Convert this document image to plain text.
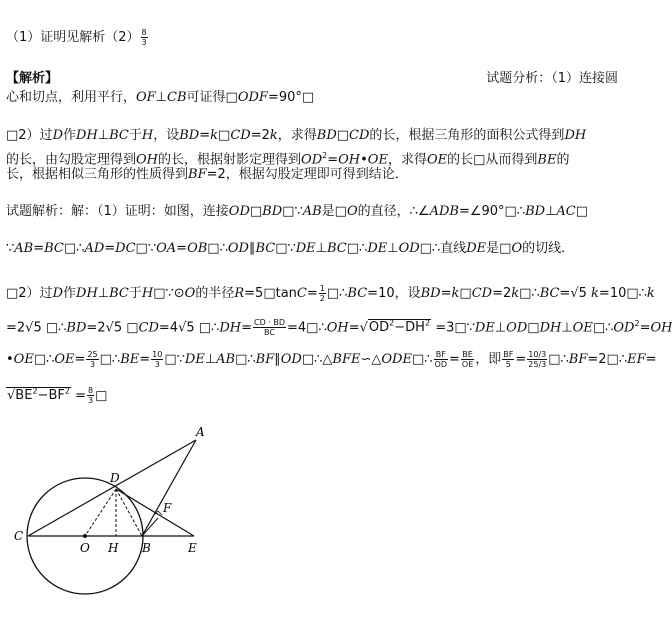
（1）证明见解析$(2) \frac{8}{3}$
【解析】	试题分析：（1）连接圆
心和切点，利用平行，OF⊥CB可证得□ODF=90°□
□2）过D作DH⊥BC于H，设BD=k□CD=2k，求得BD□CD的长，根据三角形的面积公式得到DH
的长，由勾股定理得到OH的长，根据射影定理得到$OD^2=OH•OE$，求得OE的长□从而得到BE的
长，根据相似三角形的性质得到BF=2，根据勾股定理即可得到结论．
试题解析：解：（1）证明：如图，连接OD□BD□∵AB是□O的直径，∴∠ADB=∠90°□∴BD⊥AC□
∵AB=BC□∴AD=DC□∵OA=OB□∴OD∥BC□∵DE⊥BC□∴DE⊥OD□∴直线DE是□O的切线．
□2）过D作DH⊥BC于H□∵⊙O的半径R=5□tanC= $\frac{1}{2}$ □∴BC=10，设BD=k□CD=2k□∴BC=√5 k=10□∴k
=2√5 □∴BD=2√5 □CD=4√5 □∴DH= $\frac{CD \cdot BD}{BC}$ $=4□\therefore OH=√OD^2-DH^2$ $=3□\because DE\perp OD□DH\perp OE□\therefore OD^2=OH$
•OE□∴OE= $\frac{25}{3}$ □∴BE= $\frac{10}{3}$ □∵DE⊥AB□∴BF∥OD□∴△BFE∽△ODE□∴ $\frac{BF}{OD} = \frac{BE}{OE}$ ，即 $\frac{BF}{5} = \frac{10/3}{25/3}$ □∴BF=2□∴EF=
$√BE^2-BF^2 = \frac{8}{3}$ □
A
D
F
C
O H B	E
